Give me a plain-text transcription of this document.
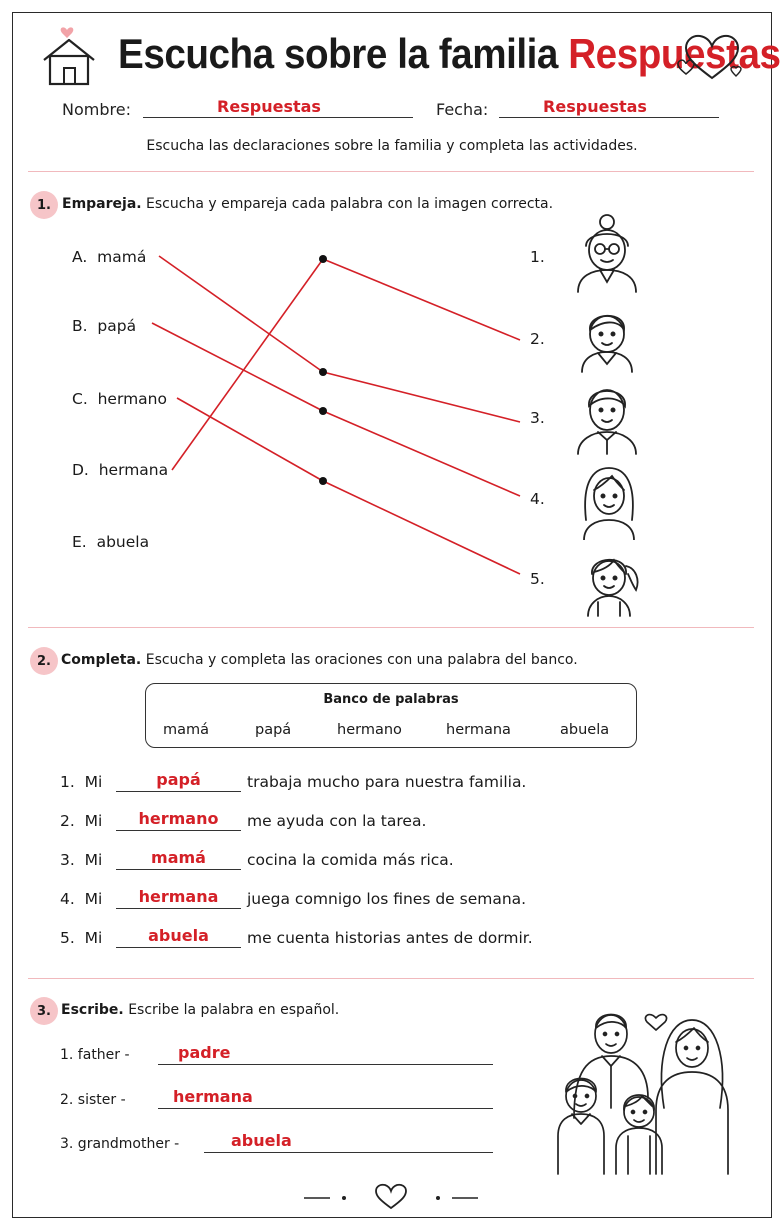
Escucha sobre la familia Respuestas
Nombre:	Respuestas	Fecha:	Respuestas
Escucha las declaraciones sobre la familia y completa las actividades.
1. Empareja. Escucha y empareja cada palabra con la imagen correcta.
A. mamá
B. papá
C. hermano
D. hermana
E. abuela
1.
2.
3.
4.
5.
2. Completa. Escucha y completa las oraciones con una palabra del banco.
Banco de palabras
mamá	papá	hermano	hermana	abuela
1. Mi	papá	trabaja mucho para nuestra familia.
2. Mi	hermano	me ayuda con la tarea.
3. Mi	mamá	cocina la comida más rica.
4. Mi	hermana	juega comnigo los fines de semana.
5. Mi	abuela	me cuenta historias antes de dormir.
3. Escribe. Escribe la palabra en español.
1. father -	padre
2. sister -	hermana
3. grandmother -	abuela
